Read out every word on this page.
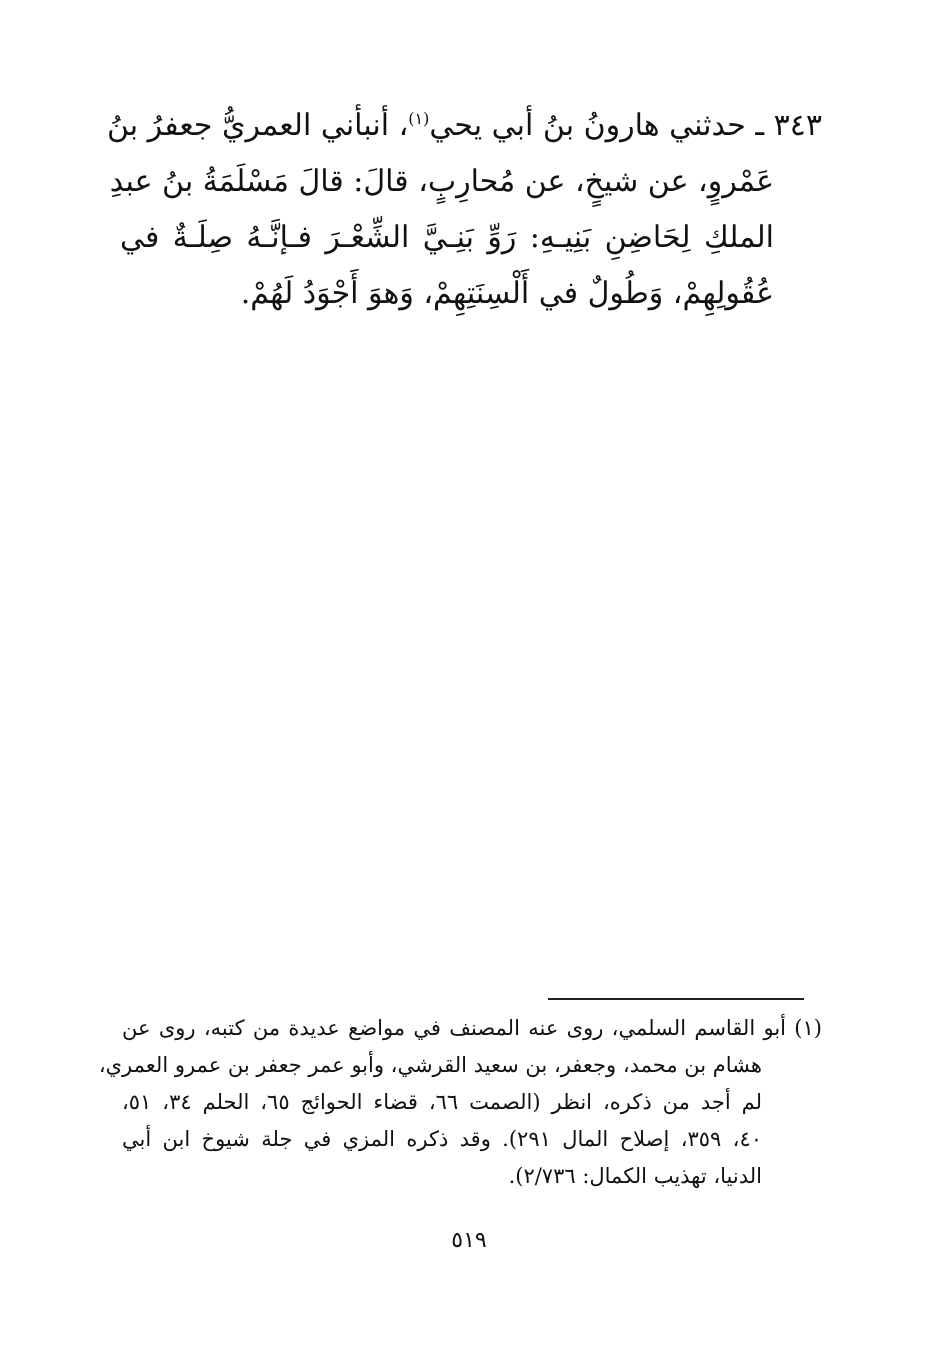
٣٤٣ ـ حدثني هارونُ بنُ أبي يحي$^{(١)}$، أنبأني العمريُّ جعفرُ بنُ
عَمْروٍ، عن شيخٍ، عن مُحارِبٍ، قالَ: قالَ مَسْلَمَةُ بنُ عبدِ
الملكِ لِحَاضِنِ بَنِيـهِ: رَوِّ بَنِـيَّ الشِّعْـرَ فـإنَّـهُ صِلَـةٌ في
عُقُولِهِمْ، وَطُولٌ في أَلْسِنَتِهِمْ، وَهوَ أَجْوَدُ لَهُمْ.
(١) أبو القاسم السلمي، روى عنه المصنف في مواضع عديدة من كتبه، روى عن
هشام بن محمد، وجعفر، بن سعيد القرشي، وأبو عمر جعفر بن عمرو العمري،
لم أجد من ذكره، انظر (الصمت ٦٦، قضاء الحوائج ٦٥، الحلم ٣٤، ٥١،
٤٠، ٣٥٩، إصلاح المال ٢٩١). وقد ذكره المزي في جلة شيوخ ابن أبي
الدنيا، تهذيب الكمال: ٢/٧٣٦).
٥١٩
